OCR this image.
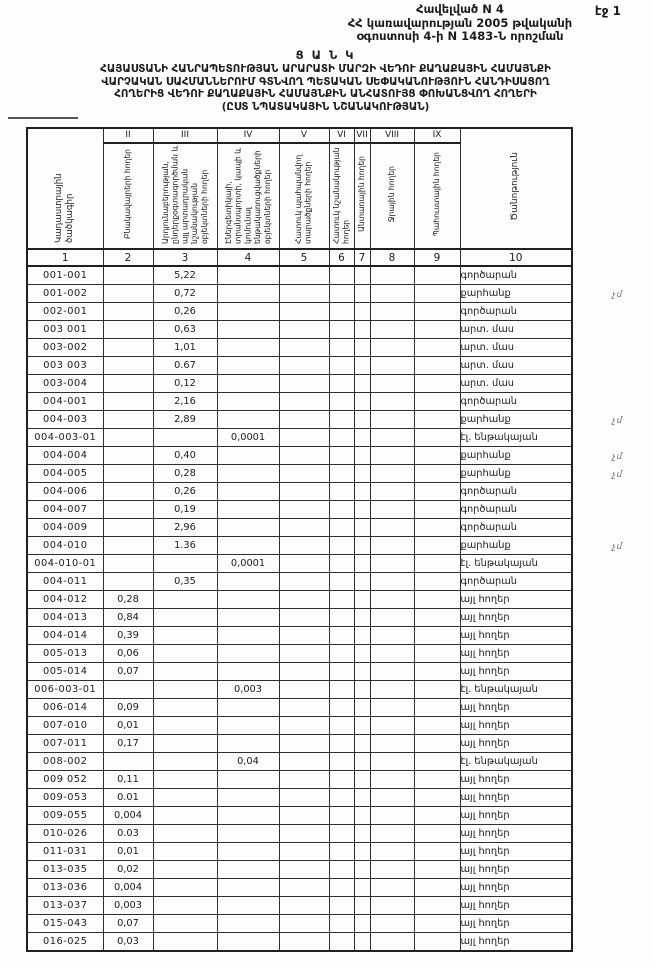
էջ 1
Հավելված N 4
ՀՀ կառավարության 2005 թվականի
օգոստոսի 4-ի N 1483-Ն որոշման
Ց Ա Ն Կ
ՀԱՅԱՍՏԱՆԻ ՀԱՆՐԱՊԵՏՈՒԹՅԱՆ ԱՐԱՐԱՏԻ ՄԱՐԶԻ ՎԵԴՈՒ ՔԱՂԱՔԱՅԻՆ ՀԱՄԱՅՆՔԻ
ՎԱՐՉԱԿԱՆ ՍԱՀՄԱՆՆԵՐՈՒՄ ԳՏՆՎՈՂ ՊԵՏԱԿԱՆ ՍԵՓԱԿԱՆՈՒԹՅՈՒՆ ՀԱՆԴԻՍԱՑՈՂ
ՀՈՂԵՐԻՑ ՎԵԴՈՒ ՔԱՂԱՔԱՅԻՆ ՀԱՄԱՅՆՔԻՆ ԱՆՀԱՏՈՒՅՑ ՓՈԽԱՆՑՎՈՂ ՀՈՂԵՐԻ
(ԸՍՏ ՆՊԱՏԱԿԱՅԻՆ ՆՇԱՆԱԿՈՒԹՅԱՆ)
Կադաստրային ծածկագիր	II	III	IV	V	VI	VII	VIII	IX	Ծանոթություն
	Բնակավայրերի հողեր	Արդյունաբերության, ընդերքօգտագործման և այլ արտադրական նշանակության օբյեկտների հողեր	Էներգետիկայի, տրանսպորտի, կապի և կոմունալ ենթակառուցվածքների օբյեկտների հողեր	Հատուկ պահպանվող տարածքների հողեր	Հատուկ նշանակության հողեր	Անտառային հողեր	Ջրային հողեր	Պահուստային հողեր	
1	2	3	4	5	6	7	8	9	10
001-001		5,22							գործարան
001-002		0,72							քարհանք չմ

002-001		0,26							գործարան
003 001		0,63							արտ. մաս
003-002		1,01							արտ. մաս
003 003		0.67							արտ. մաս
003-004		0,12							արտ. մաս
004-001		2,16							գործարան
004-003		2,89							քարհանք չմ

004-003-01			0,0001						էլ. ենթակայան
004-004		0,40							քարհանք չմ

004-005		0,28							քարհանք չմ

004-006		0,26							գործարան
004-007		0,19							գործարան
004-009		2,96							գործարան
004-010		1.36							քարհանք չմ

004-010-01			0,0001						էլ. ենթակայան
004-011		0,35							գործարան
004-012	0,28								այլ հողեր
004-013	0,84								այլ հողեր
004-014	0,39								այլ հողեր
005-013	0,06								այլ հողեր
005-014	0,07								այլ հողեր
006-003-01			0,003						էլ. ենթակայան
006-014	0,09								այլ հողեր
007-010	0,01								այլ հողեր
007-011	0,17								այլ հողեր
008-002			0,04						էլ. ենթակայան
009 052	0,11								այլ հողեր
009-053	0.01								այլ հողեր
009-055	0,004								այլ հողեր
010-026	0.03								այլ հողեր
011-031	0,01								այլ հողեր
013-035	0,02								այլ հողեր
013-036	0,004								այլ հողեր
013-037	0,003								այլ հողեր
015-043	0,07								այլ հողեր
016-025	0,03								այլ հողեր
